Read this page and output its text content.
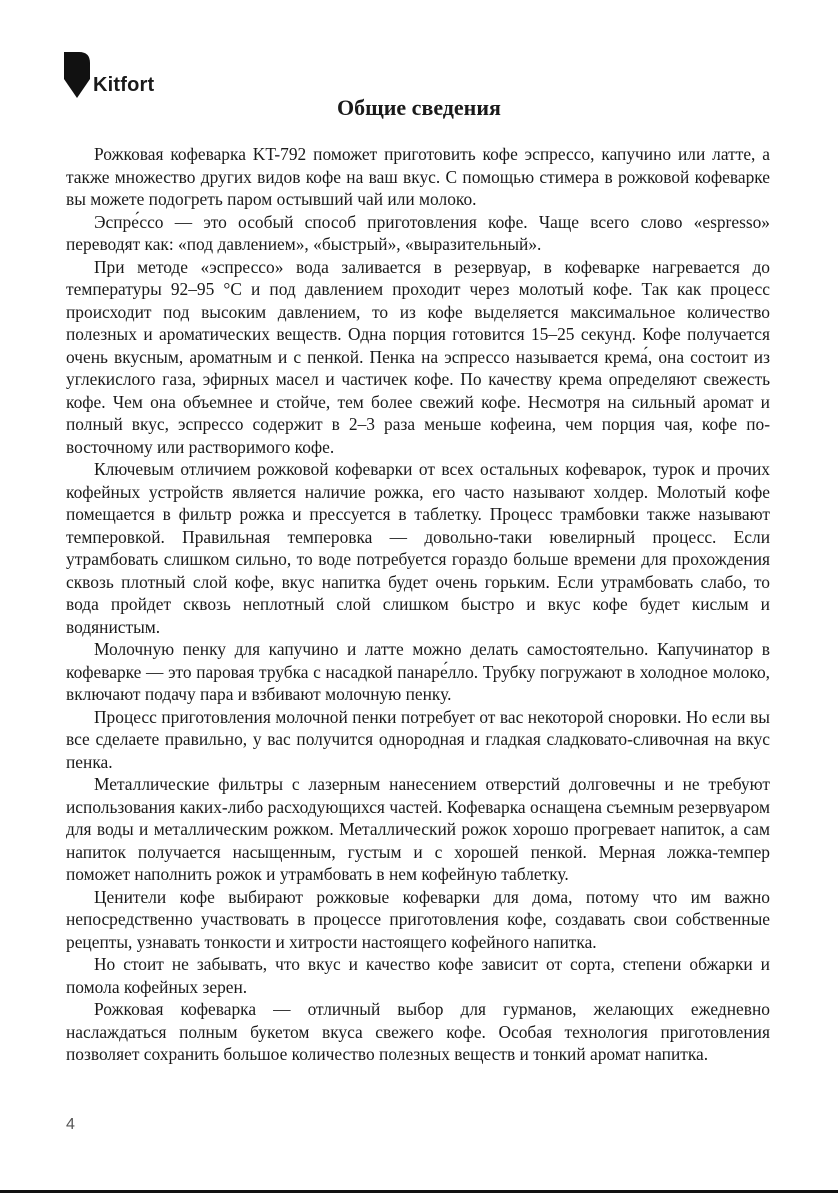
Kitfort
Общие сведения

Рожковая кофеварка KT-792 поможет приготовить кофе эспрессо, капучино или латте, а также множество других видов кофе на ваш вкус. С помощью стимера в рожковой кофеварке вы можете подогреть паром остывший чай или молоко.

Эспре́ссо — это особый способ приготовления кофе. Чаще всего слово «espresso» переводят как: «под давлением», «быстрый», «выразительный».

При методе «эспрессо» вода заливается в резервуар, в кофеварке нагревается до температуры 92–95 °С и под давлением проходит через молотый кофе. Так как процесс происходит под высоким давлением, то из кофе выделяется максимальное количество полезных и ароматических веществ. Одна порция готовится 15–25 секунд. Кофе получается очень вкусным, ароматным и с пенкой. Пенка на эспрессо называется крема́, она состоит из углекислого газа, эфирных масел и частичек кофе. По качеству крема определяют свежесть кофе. Чем она объемнее и стойче, тем более свежий кофе. Несмотря на сильный аромат и полный вкус, эспрессо содержит в 2–3 раза меньше кофеина, чем порция чая, кофе по-восточному или растворимого кофе.

Ключевым отличием рожковой кофеварки от всех остальных кофеварок, турок и прочих кофейных устройств является наличие рожка, его часто называют холдер. Молотый кофе помещается в фильтр рожка и прессуется в таблетку. Процесс трамбовки также называют темперовкой. Правильная темперовка — довольно-таки ювелирный процесс. Если утрамбовать слишком сильно, то воде потребуется гораздо больше времени для прохождения сквозь плотный слой кофе, вкус напитка будет очень горьким. Если утрамбовать слабо, то вода пройдет сквозь неплотный слой слишком быстро и вкус кофе будет кислым и водянистым.

Молочную пенку для капучино и латте можно делать самостоятельно. Капучинатор в кофеварке — это паровая трубка с насадкой панаре́лло. Трубку погружают в холодное молоко, включают подачу пара и взбивают молочную пенку.

Процесс приготовления молочной пенки потребует от вас некоторой сноровки. Но если вы все сделаете правильно, у вас получится однородная и гладкая сладковато-сливочная на вкус пенка.

Металлические фильтры с лазерным нанесением отверстий долговечны и не требуют использования каких-либо расходующихся частей. Кофеварка оснащена съемным резервуаром для воды и металлическим рожком. Металлический рожок хорошо прогревает напиток, а сам напиток получается насыщенным, густым и с хорошей пенкой. Мерная ложка-темпер поможет наполнить рожок и утрамбовать в нем кофейную таблетку.

Ценители кофе выбирают рожковые кофеварки для дома, потому что им важно непосредственно участвовать в процессе приготовления кофе, создавать свои собственные рецепты, узнавать тонкости и хитрости настоящего кофейного напитка.

Но стоит не забывать, что вкус и качество кофе зависит от сорта, степени обжарки и помола кофейных зерен.

Рожковая кофеварка — отличный выбор для гурманов, желающих ежедневно наслаждаться полным букетом вкуса свежего кофе. Особая технология приготовления позволяет сохранить большое количество полезных веществ и тонкий аромат напитка.

4
